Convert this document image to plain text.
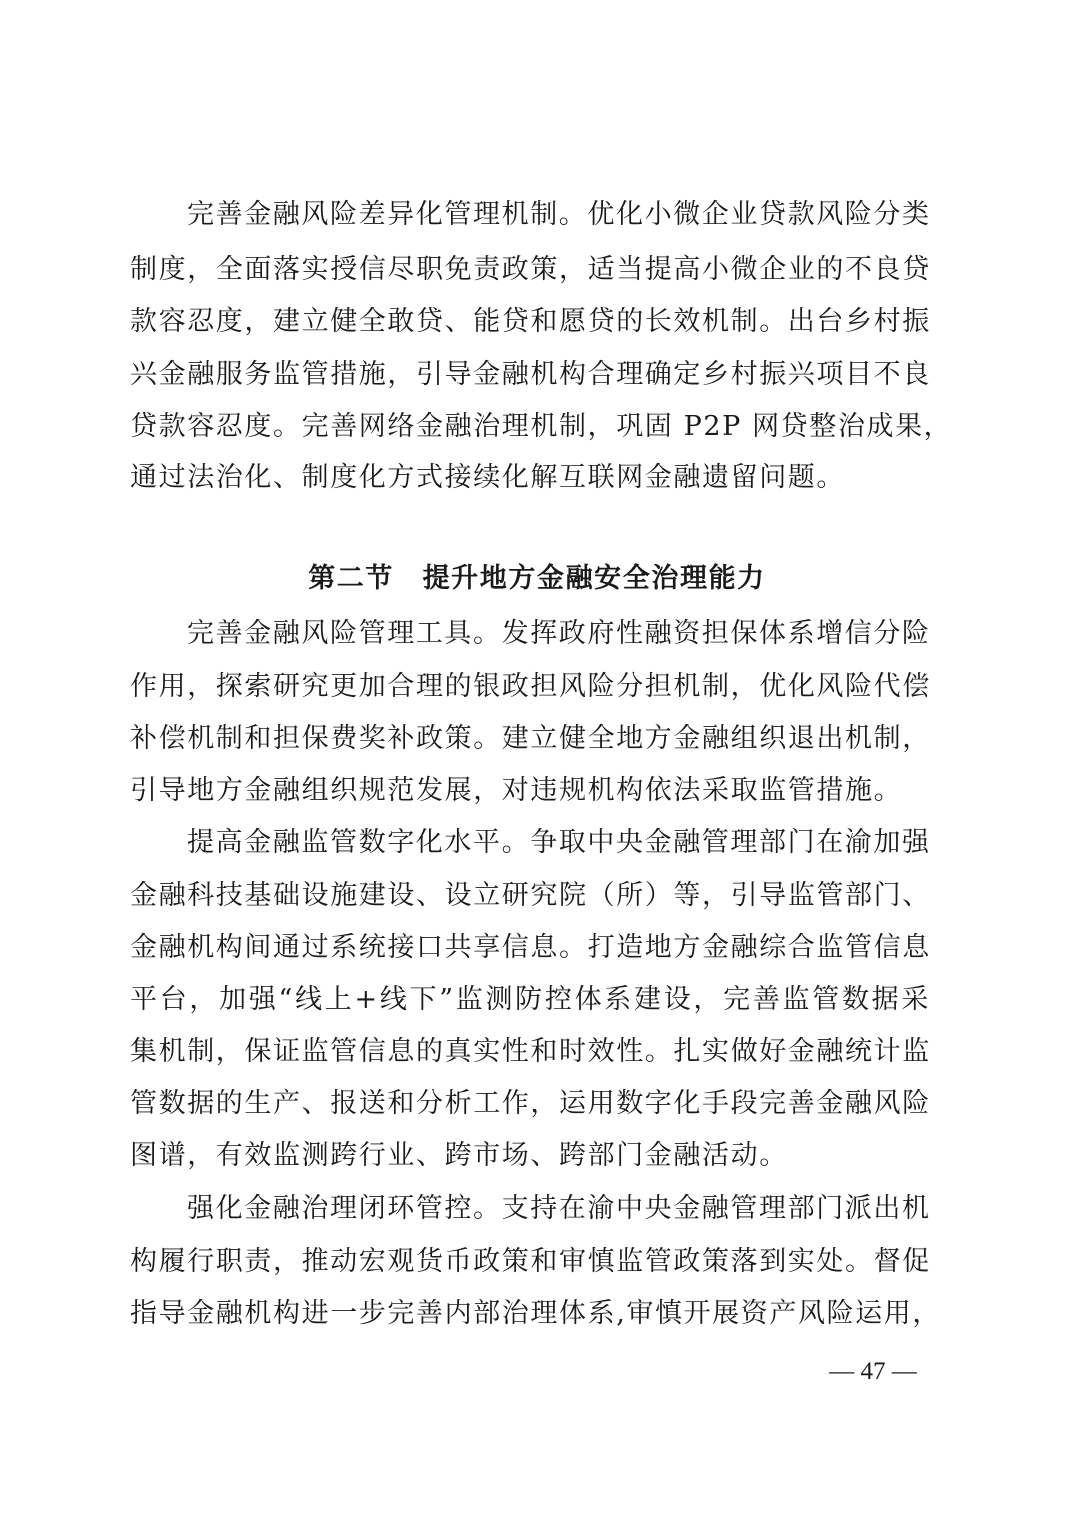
完善金融风险差异化管理机制。优化小微企业贷款风险分类
制度，全面落实授信尽职免责政策，适当提高小微企业的不良贷
款容忍度，建立健全敢贷、能贷和愿贷的长效机制。出台乡村振
兴金融服务监管措施，引导金融机构合理确定乡村振兴项目不良
贷款容忍度。完善网络金融治理机制，巩固 P2P 网贷整治成果，
通过法治化、制度化方式接续化解互联网金融遗留问题。
第二节　提升地方金融安全治理能力
完善金融风险管理工具。发挥政府性融资担保体系增信分险
作用，探索研究更加合理的银政担风险分担机制，优化风险代偿
补偿机制和担保费奖补政策。建立健全地方金融组织退出机制，
引导地方金融组织规范发展，对违规机构依法采取监管措施。
提高金融监管数字化水平。争取中央金融管理部门在渝加强
金融科技基础设施建设、设立研究院（所）等，引导监管部门、
金融机构间通过系统接口共享信息。打造地方金融综合监管信息
平台，加强“线上+线下”监测防控体系建设，完善监管数据采
集机制，保证监管信息的真实性和时效性。扎实做好金融统计监
管数据的生产、报送和分析工作，运用数字化手段完善金融风险
图谱，有效监测跨行业、跨市场、跨部门金融活动。
强化金融治理闭环管控。支持在渝中央金融管理部门派出机
构履行职责，推动宏观货币政策和审慎监管政策落到实处。督促
指导金融机构进一步完善内部治理体系,审慎开展资产风险运用，
— 47 —
